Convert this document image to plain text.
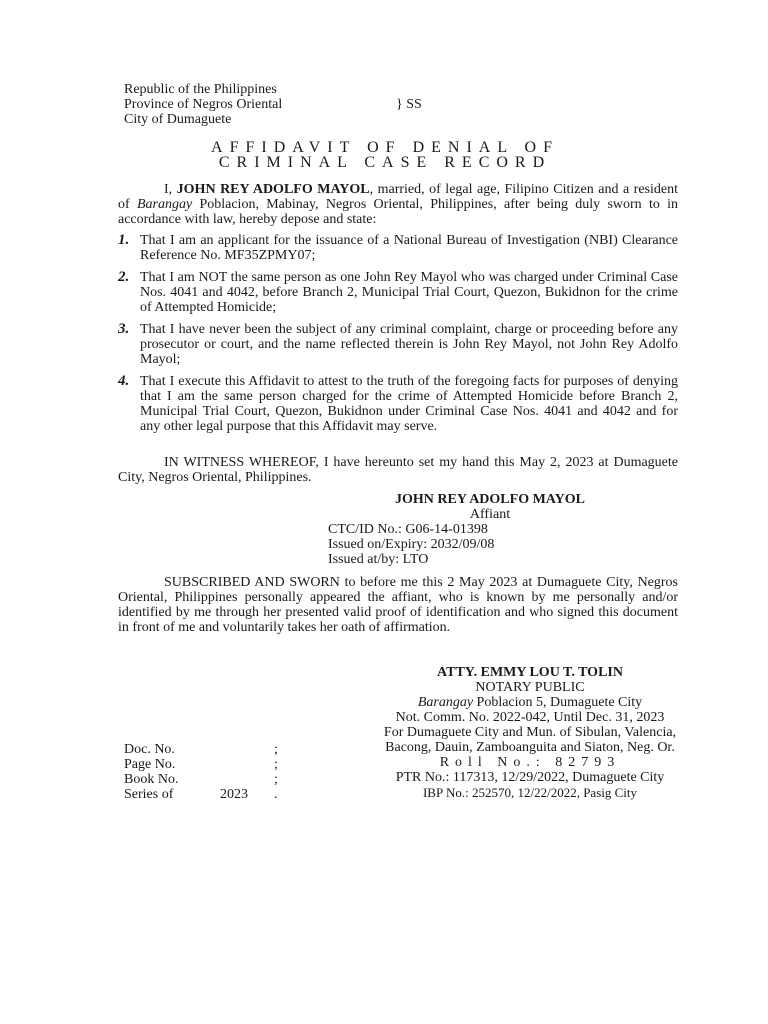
Republic of the Philippines
Province of Negros Oriental
City of Dumaguete
} SS
AFFIDAVIT OF DENIAL OF
CRIMINAL CASE RECORD
I, JOHN REY ADOLFO MAYOL, married, of legal age, Filipino Citizen and a resident of Barangay Poblacion, Mabinay, Negros Oriental, Philippines, after being duly sworn to in accordance with law, hereby depose and state:
1. That I am an applicant for the issuance of a National Bureau of Investigation (NBI) Clearance Reference No. MF35ZPMY07;
2. That I am NOT the same person as one John Rey Mayol who was charged under Criminal Case Nos. 4041 and 4042, before Branch 2, Municipal Trial Court, Quezon, Bukidnon for the crime of Attempted Homicide;
3. That I have never been the subject of any criminal complaint, charge or proceeding before any prosecutor or court, and the name reflected therein is John Rey Mayol, not John Rey Adolfo Mayol;
4. That I execute this Affidavit to attest to the truth of the foregoing facts for purposes of denying that I am the same person charged for the crime of Attempted Homicide before Branch 2, Municipal Trial Court, Quezon, Bukidnon under Criminal Case Nos. 4041 and 4042 and for any other legal purpose that this Affidavit may serve.
IN WITNESS WHEREOF, I have hereunto set my hand this May 2, 2023 at Dumaguete City, Negros Oriental, Philippines.
JOHN REY ADOLFO MAYOL
Affiant
CTC/ID No.: G06-14-01398
Issued on/Expiry: 2032/09/08
Issued at/by: LTO
SUBSCRIBED AND SWORN to before me this 2 May 2023 at Dumaguete City, Negros Oriental, Philippines personally appeared the affiant, who is known by me personally and/or identified by me through her presented valid proof of identification and who signed this document in front of me and voluntarily takes her oath of affirmation.
ATTY. EMMY LOU T. TOLIN
NOTARY PUBLIC
Barangay Poblacion 5, Dumaguete City
Not. Comm. No. 2022-042, Until Dec. 31, 2023
For Dumaguete City and Mun. of Sibulan, Valencia,
Bacong, Dauin, Zamboanguita and Siaton, Neg. Or.
Roll No.: 82793
PTR No.: 117313, 12/29/2022, Dumaguete City
IBP No.: 252570, 12/22/2022, Pasig City
Doc. No.		;
Page No.		;
Book No.		;
Series of	2023	.
